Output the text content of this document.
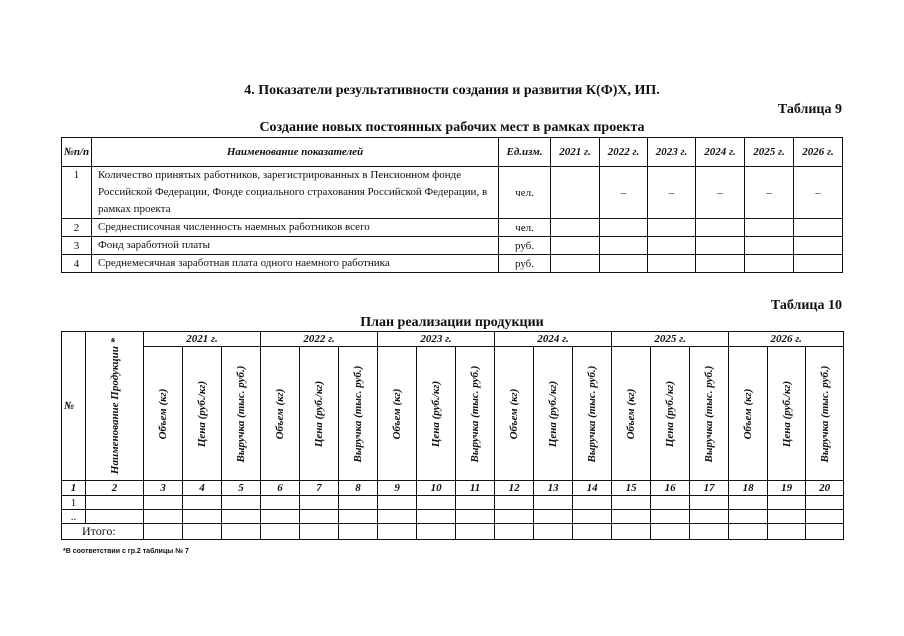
4. Показатели результативности создания и развития К(Ф)Х, ИП.
Таблица 9
Создание новых постоянных рабочих мест в рамках проекта
№п/п	Наименование показателей	Ед.изм.	2021 г.	2022 г.	2023 г.	2024 г.	2025 г.	2026 г.
1	Количество принятых работников, зарегистрированных в Пенсионном фонде Российской Федерации, Фонде социального страхования Российской Федерации, в рамках проекта	чел.		–	–	–	–	–
2	Среднесписочная численность наемных работников всего	чел.						
3	Фонд заработной платы	руб.						
4	Среднемесячная заработная плата одного наемного работника	руб.						
Таблица 10
План реализации продукции
№	Наименование Продукции *	2021 г.			2022 г.			2023 г.			2024 г.			2025 г.			2026 г.		

		Объем (кг)	Цена (руб./кг)	Выручка (тыс. руб.)	Объем (кг)	Цена (руб./кг)	Выручка (тыс. руб.)	Объем (кг)	Цена (руб./кг)	Выручка (тыс. руб.)	Объем (кг)	Цена (руб./кг)	Выручка (тыс. руб.)	Объем (кг)	Цена (руб./кг)	Выручка (тыс. руб.)	Объем (кг)	Цена (руб./кг)	Выручка (тыс. руб.)

1	2	3	4	5	6	7	8	9	10	11	12	13	14	15	16	17	18	19	20
1																			
..																			
Итого:																			
*В соответствии с гр.2 таблицы № 7
